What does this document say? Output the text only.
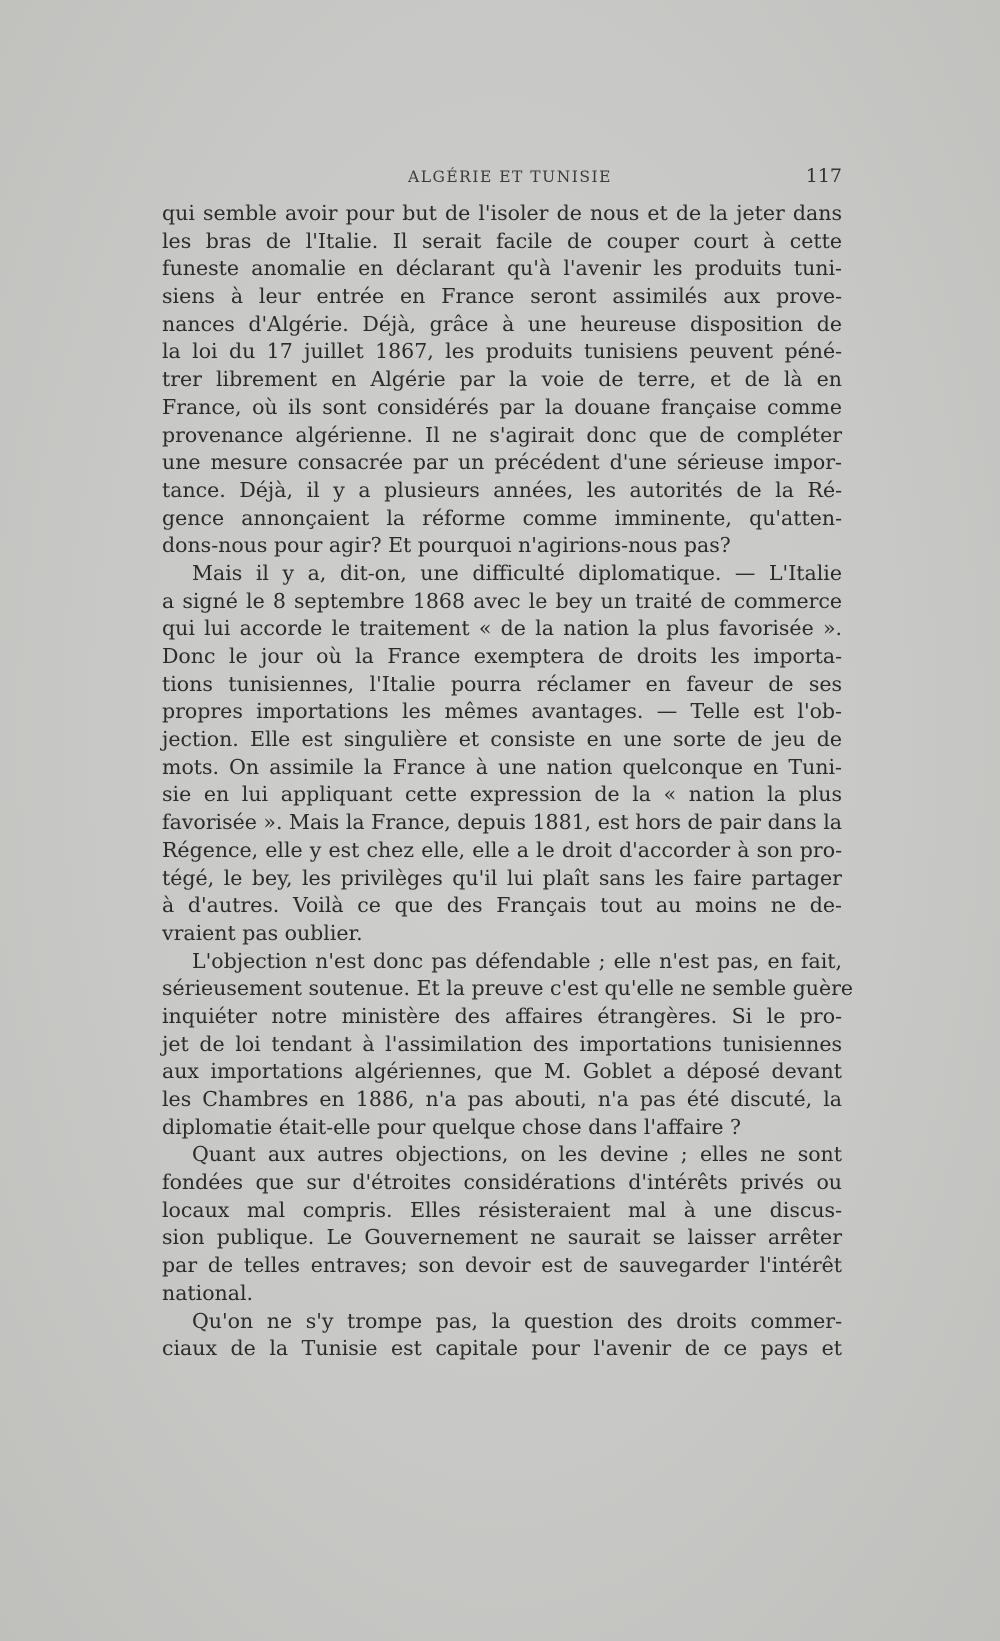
ALGÉRIE ET TUNISIE	117
qui semble avoir pour but de l'isoler de nous et de la jeter dans
les bras de l'Italie. Il serait facile de couper court à cette
funeste anomalie en déclarant qu'à l'avenir les produits tuni-
siens à leur entrée en France seront assimilés aux prove-
nances d'Algérie. Déjà, grâce à une heureuse disposition de
la loi du 17 juillet 1867, les produits tunisiens peuvent péné-
trer librement en Algérie par la voie de terre, et de là en
France, où ils sont considérés par la douane française comme
provenance algérienne. Il ne s'agirait donc que de compléter
une mesure consacrée par un précédent d'une sérieuse impor-
tance. Déjà, il y a plusieurs années, les autorités de la Ré-
gence annonçaient la réforme comme imminente, qu'atten-
dons-nous pour agir? Et pourquoi n'agirions-nous pas?
Mais il y a, dit-on, une difficulté diplomatique. — L'Italie
a signé le 8 septembre 1868 avec le bey un traité de commerce
qui lui accorde le traitement « de la nation la plus favorisée ».
Donc le jour où la France exemptera de droits les importa-
tions tunisiennes, l'Italie pourra réclamer en faveur de ses
propres importations les mêmes avantages. — Telle est l'ob-
jection. Elle est singulière et consiste en une sorte de jeu de
mots. On assimile la France à une nation quelconque en Tuni-
sie en lui appliquant cette expression de la « nation la plus
favorisée ». Mais la France, depuis 1881, est hors de pair dans la
Régence, elle y est chez elle, elle a le droit d'accorder à son pro-
tégé, le bey, les privilèges qu'il lui plaît sans les faire partager
à d'autres. Voilà ce que des Français tout au moins ne de-
vraient pas oublier.
L'objection n'est donc pas défendable ; elle n'est pas, en fait,
sérieusement soutenue. Et la preuve c'est qu'elle ne semble guère
inquiéter notre ministère des affaires étrangères. Si le pro-
jet de loi tendant à l'assimilation des importations tunisiennes
aux importations algériennes, que M. Goblet a déposé devant
les Chambres en 1886, n'a pas abouti, n'a pas été discuté, la
diplomatie était-elle pour quelque chose dans l'affaire ?
Quant aux autres objections, on les devine ; elles ne sont
fondées que sur d'étroites considérations d'intérêts privés ou
locaux mal compris. Elles résisteraient mal à une discus-
sion publique. Le Gouvernement ne saurait se laisser arrêter
par de telles entraves; son devoir est de sauvegarder l'intérêt
national.
Qu'on ne s'y trompe pas, la question des droits commer-
ciaux de la Tunisie est capitale pour l'avenir de ce pays et
